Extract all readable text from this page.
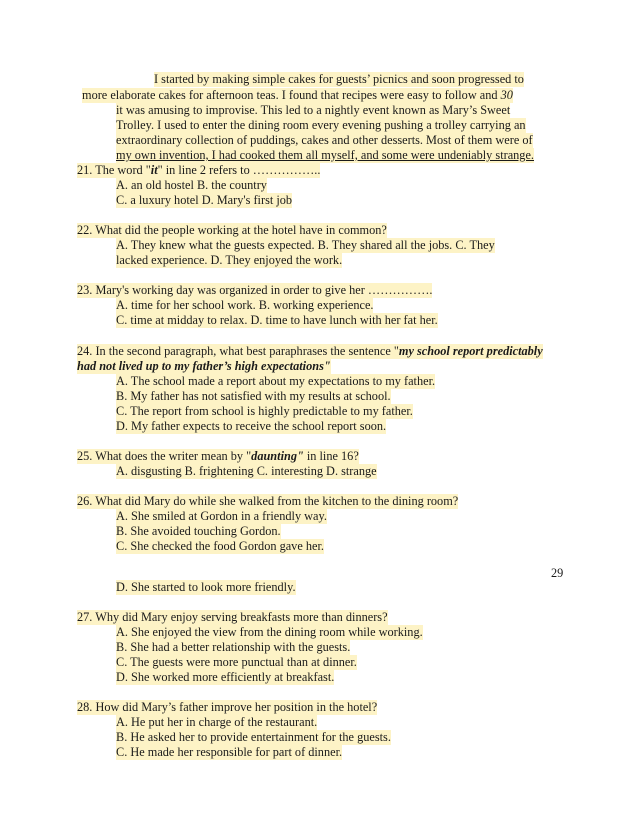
I started by making simple cakes for guests’ picnics and soon progressed to
more elaborate cakes for afternoon teas. I found that recipes were easy to follow and 30
it was amusing to improvise. This led to a nightly event known as Mary’s Sweet
Trolley. I used to enter the dining room every evening pushing a trolley carrying an
extraordinary collection of puddings, cakes and other desserts. Most of them were of
my own invention, I had cooked them all myself, and some were undeniably strange.
21. The word "it" in line 2 refers to ……………..
A. an old hostel B. the country
C. a luxury hotel D. Mary's first job
22. What did the people working at the hotel have in common?
A. They knew what the guests expected. B. They shared all the jobs. C. They
lacked experience. D. They enjoyed the work.
23. Mary's working day was organized in order to give her …………….
A. time for her school work. B. working experience.
C. time at midday to relax. D. time to have lunch with her fat her.
24. In the second paragraph, what best paraphrases the sentence "my school report predictably
had not lived up to my father’s high expectations"
A. The school made a report about my expectations to my father.
B. My father has not satisfied with my results at school.
C. The report from school is highly predictable to my father.
D. My father expects to receive the school report soon.
25. What does the writer mean by "daunting" in line 16?
A. disgusting B. frightening C. interesting D. strange
26. What did Mary do while she walked from the kitchen to the dining room?
A. She smiled at Gordon in a friendly way.
B. She avoided touching Gordon.
C. She checked the food Gordon gave her.
29
D. She started to look more friendly.
27. Why did Mary enjoy serving breakfasts more than dinners?
A. She enjoyed the view from the dining room while working.
B. She had a better relationship with the guests.
C. The guests were more punctual than at dinner.
D. She worked more efficiently at breakfast.
28. How did Mary’s father improve her position in the hotel?
A. He put her in charge of the restaurant.
B. He asked her to provide entertainment for the guests.
C. He made her responsible for part of dinner.
